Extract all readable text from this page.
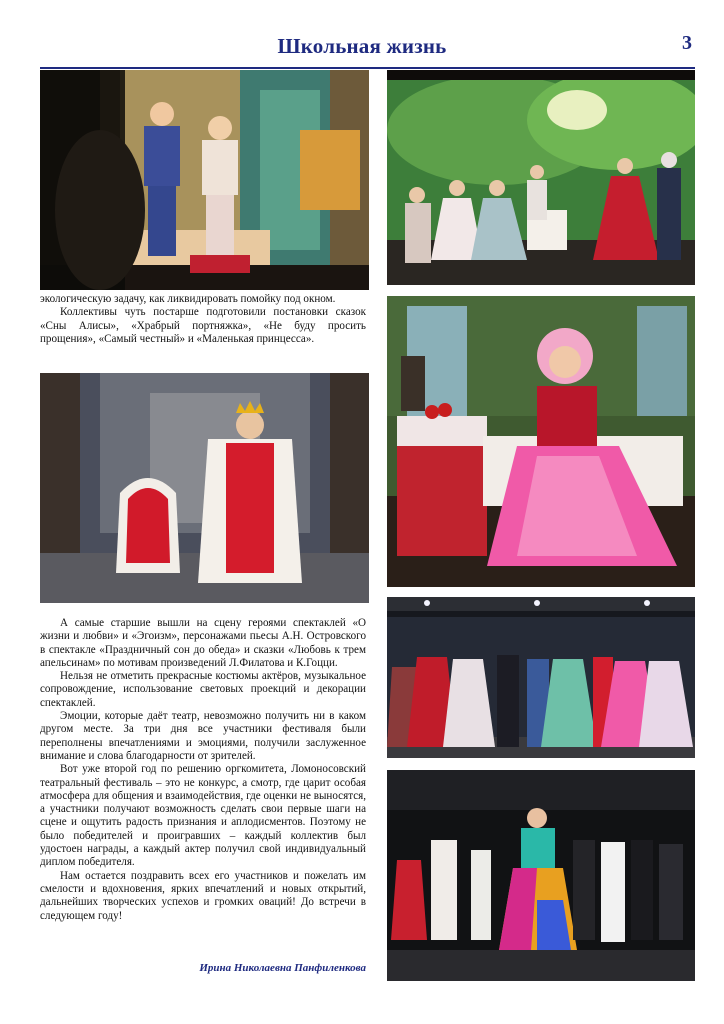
Школьная жизнь	3

экологическую задачу, как ликвидировать помойку под окном.

Коллективы чуть постарше подготовили постановки сказок «Сны Алисы», «Храбрый портняжка», «Не буду просить прощения», «Самый честный» и «Маленькая принцесса».

А самые старшие вышли на сцену героями спектаклей «О жизни и любви» и «Эгоизм», персонажами пьесы А.Н. Островского в спектакле «Праздничный сон до обеда» и сказки «Любовь к трем апельсинам» по мотивам произведений Л.Филатова и К.Гоцци.

Нельзя не отметить прекрасные костюмы актёров, музыкальное сопровождение, использование световых проекций и декорации спектаклей.

Эмоции, которые даёт театр, невозможно получить ни в каком другом месте. За три дня все участники фестиваля были переполнены впечатлениями и эмоциями, получили заслуженное внимание и слова благодарности от зрителей.

Вот уже второй год по решению оргкомитета, Ломоносовский театральный фестиваль – это не конкурс, а смотр, где царит особая атмосфера для общения и взаимодействия, где оценки не выносятся, а участники получают возможность сделать свои первые шаги на сцене и ощутить радость признания и аплодисментов. Поэтому не было победителей и проигравших – каждый коллектив был удостоен награды, а каждый актер получил свой индивидуальный диплом победителя.

Нам остается поздравить всех его участников и пожелать им смелости и вдохновения, ярких впечатлений и новых открытий, дальнейших творческих успехов и громких оваций! До встречи в следующем году!

Ирина Николаевна Панфиленкова
